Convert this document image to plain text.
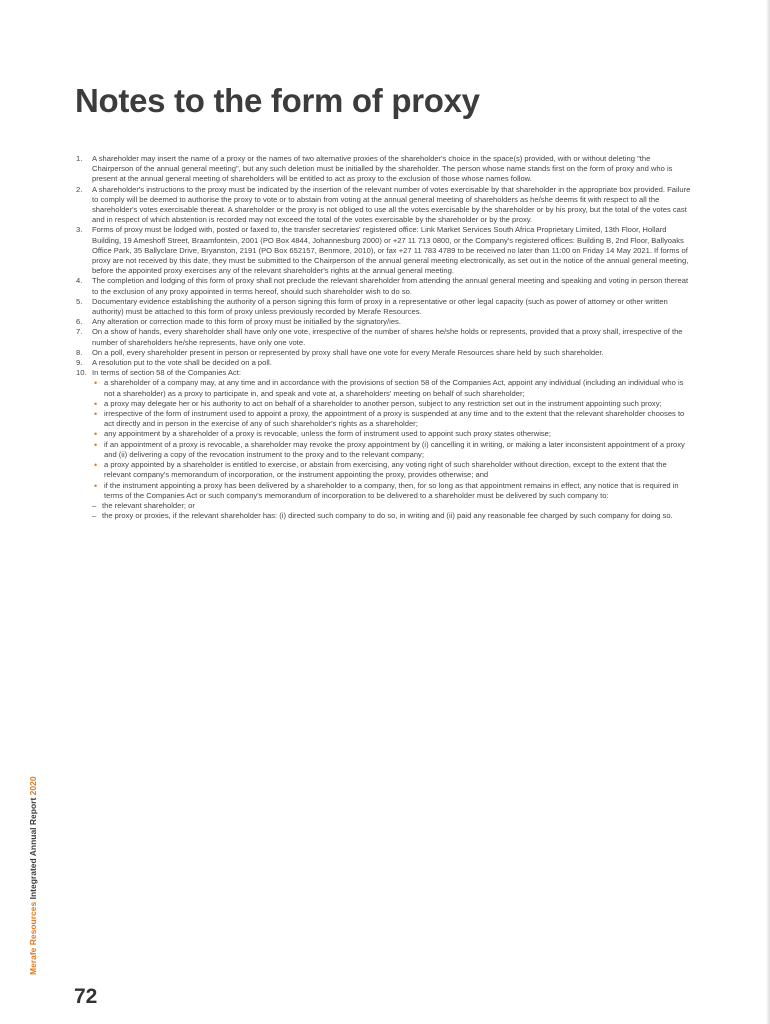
Notes to the form of proxy
1.	A shareholder may insert the name of a proxy or the names of two alternative proxies of the shareholder's choice in the space(s) provided, with or without deleting "the Chairperson of the annual general meeting", but any such deletion must be initialled by the shareholder. The person whose name stands first on the form of proxy and who is present at the annual general meeting of shareholders will be entitled to act as proxy to the exclusion of those whose names follow.
2.	A shareholder's instructions to the proxy must be indicated by the insertion of the relevant number of votes exercisable by that shareholder in the appropriate box provided. Failure to comply will be deemed to authorise the proxy to vote or to abstain from voting at the annual general meeting of shareholders as he/she deems fit with respect to all the shareholder's votes exercisable thereat. A shareholder or the proxy is not obliged to use all the votes exercisable by the shareholder or by his proxy, but the total of the votes cast and in respect of which abstention is recorded may not exceed the total of the votes exercisable by the shareholder or by the proxy.
3.	Forms of proxy must be lodged with, posted or faxed to, the transfer secretaries' registered office: Link Market Services South Africa Proprietary Limited, 13th Floor, Hollard Building, 19 Ameshoff Street, Braamfontein, 2001 (PO Box 4844, Johannesburg 2000) or +27 11 713 0800, or the Company's registered offices: Building B, 2nd Floor, Ballyoaks Office Park, 35 Ballyclare Drive, Bryanston, 2191 (PO Box 652157, Benmore, 2010), or fax +27 11 783 4789 to be received no later than 11:00 on Friday 14 May 2021. If forms of proxy are not received by this date, they must be submitted to the Chairperson of the annual general meeting electronically, as set out in the notice of the annual general meeting, before the appointed proxy exercises any of the relevant shareholder's rights at the annual general meeting.
4.	The completion and lodging of this form of proxy shall not preclude the relevant shareholder from attending the annual general meeting and speaking and voting in person thereat to the exclusion of any proxy appointed in terms hereof, should such shareholder wish to do so.
5.	Documentary evidence establishing the authority of a person signing this form of proxy in a representative or other legal capacity (such as power of attorney or other written authority) must be attached to this form of proxy unless previously recorded by Merafe Resources.
6.	Any alteration or correction made to this form of proxy must be initialled by the signatory/ies.
7.	On a show of hands, every shareholder shall have only one vote, irrespective of the number of shares he/she holds or represents, provided that a proxy shall, irrespective of the number of shareholders he/she represents, have only one vote.
8.	On a poll, every shareholder present in person or represented by proxy shall have one vote for every Merafe Resources share held by such shareholder.
9.	A resolution put to the vote shall be decided on a poll.
10. In terms of section 58 of the Companies Act:
• a shareholder of a company may, at any time and in accordance with the provisions of section 58 of the Companies Act, appoint any individual (including an individual who is not a shareholder) as a proxy to participate in, and speak and vote at, a shareholders' meeting on behalf of such shareholder;
• a proxy may delegate her or his authority to act on behalf of a shareholder to another person, subject to any restriction set out in the instrument appointing such proxy;
• irrespective of the form of instrument used to appoint a proxy, the appointment of a proxy is suspended at any time and to the extent that the relevant shareholder chooses to act directly and in person in the exercise of any of such shareholder's rights as a shareholder;
• any appointment by a shareholder of a proxy is revocable, unless the form of instrument used to appoint such proxy states otherwise;
• if an appointment of a proxy is revocable, a shareholder may revoke the proxy appointment by (i) cancelling it in writing, or making a later inconsistent appointment of a proxy and (ii) delivering a copy of the revocation instrument to the proxy and to the relevant company;
• a proxy appointed by a shareholder is entitled to exercise, or abstain from exercising, any voting right of such shareholder without direction, except to the extent that the relevant company's memorandum of incorporation, or the instrument appointing the proxy, provides otherwise; and
• if the instrument appointing a proxy has been delivered by a shareholder to a company, then, for so long as that appointment remains in effect, any notice that is required in terms of the Companies Act or such company's memorandum of incorporation to be delivered to a shareholder must be delivered by such company to:
– the relevant shareholder; or
– the proxy or proxies, if the relevant shareholder has: (i) directed such company to do so, in writing and (ii) paid any reasonable fee charged by such company for doing so.
Merafe Resources Integrated Annual Report 2020
72
